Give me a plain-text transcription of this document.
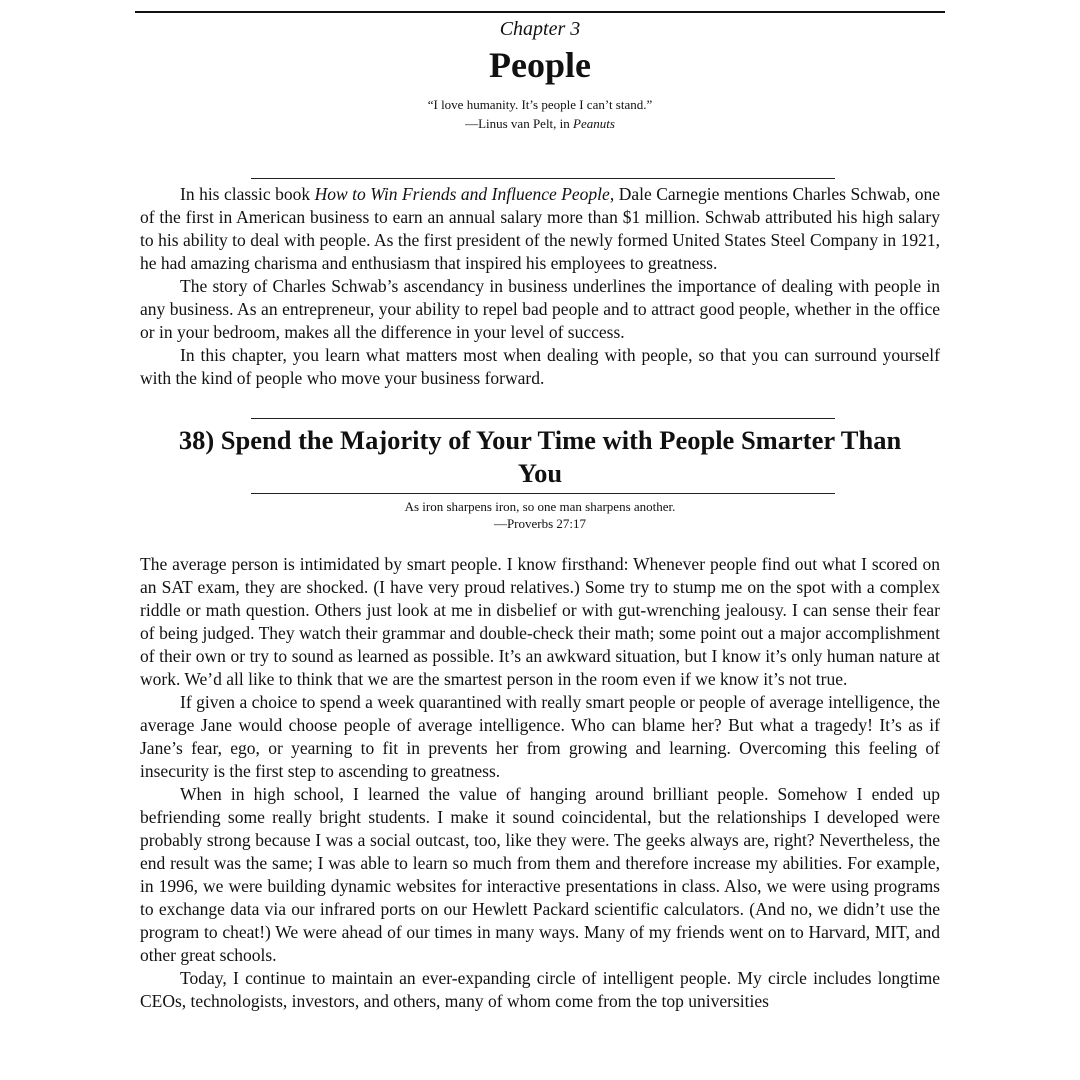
Chapter 3
People
“I love humanity. It’s people I can’t stand.”
—Linus van Pelt, in Peanuts

In his classic book How to Win Friends and Influence People, Dale Carnegie mentions Charles Schwab, one of the first in American business to earn an annual salary more than $1 million. Schwab attributed his high salary to his ability to deal with people. As the first president of the newly formed United States Steel Company in 1921, he had amazing charisma and enthusiasm that inspired his employees to greatness.

The story of Charles Schwab’s ascendancy in business underlines the importance of dealing with people in any business. As an entrepreneur, your ability to repel bad people and to attract good people, whether in the office or in your bedroom, makes all the difference in your level of success.

In this chapter, you learn what matters most when dealing with people, so that you can surround yourself with the kind of people who move your business forward.

38) Spend the Majority of Your Time with People Smarter Than
You
As iron sharpens iron, so one man sharpens another.
—Proverbs 27:17

The average person is intimidated by smart people. I know firsthand: Whenever people find out what I scored on an SAT exam, they are shocked. (I have very proud relatives.) Some try to stump me on the spot with a complex riddle or math question. Others just look at me in disbelief or with gut-wrenching jealousy. I can sense their fear of being judged. They watch their grammar and double-check their math; some point out a major accomplishment of their own or try to sound as learned as possible. It’s an awkward situation, but I know it’s only human nature at work. We’d all like to think that we are the smartest person in the room even if we know it’s not true.

If given a choice to spend a week quarantined with really smart people or people of average intelligence, the average Jane would choose people of average intelligence. Who can blame her? But what a tragedy! It’s as if Jane’s fear, ego, or yearning to fit in prevents her from growing and learning. Overcoming this feeling of insecurity is the first step to ascending to greatness.

When in high school, I learned the value of hanging around brilliant people. Somehow I ended up befriending some really bright students. I make it sound coincidental, but the relationships I developed were probably strong because I was a social outcast, too, like they were. The geeks always are, right? Nevertheless, the end result was the same; I was able to learn so much from them and therefore increase my abilities. For example, in 1996, we were building dynamic websites for interactive presentations in class. Also, we were using programs to exchange data via our infrared ports on our Hewlett Packard scientific calculators. (And no, we didn’t use the program to cheat!) We were ahead of our times in many ways. Many of my friends went on to Harvard, MIT, and other great schools.

Today, I continue to maintain an ever-expanding circle of intelligent people. My circle includes longtime CEOs, technologists, investors, and others, many of whom come from the top universities
